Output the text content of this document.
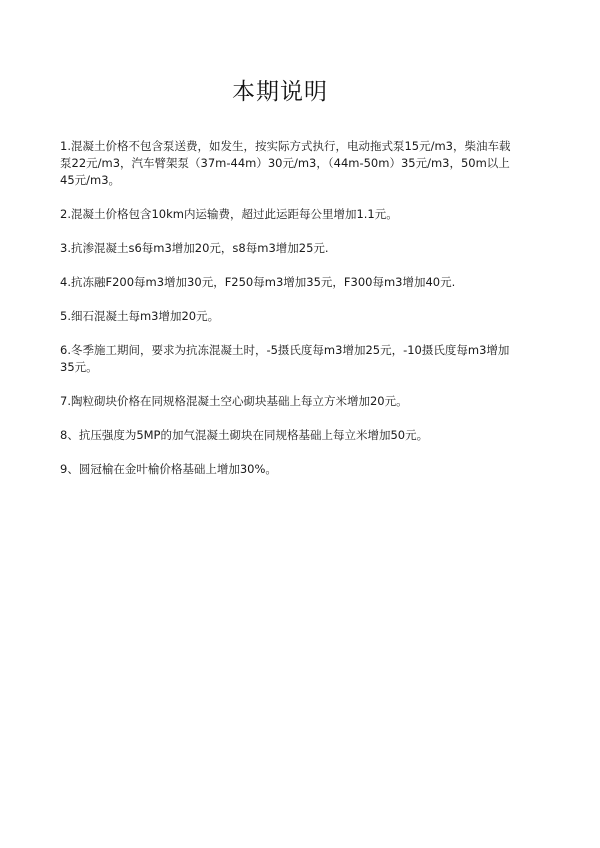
本期说明
1.混凝土价格不包含泵送费，如发生，按实际方式执行，电动拖式泵15元/m3，柴油车载泵22元/m3，汽车臂架泵（37m-44m）30元/m3，（44m-50m）35元/m3，50m以上45元/m3。
2.混凝土价格包含10km内运输费，超过此运距每公里增加1.1元。
3.抗渗混凝土s6每m3增加20元，s8每m3增加25元.
4.抗冻融F200每m3增加30元，F250每m3增加35元，F300每m3增加40元.
5.细石混凝土每m3增加20元。
6.冬季施工期间，要求为抗冻混凝土时，-5摄氏度每m3增加25元，-10摄氏度每m3增加35元。
7.陶粒砌块价格在同规格混凝土空心砌块基础上每立方米增加20元。
8、抗压强度为5MP的加气混凝土砌块在同规格基础上每立米增加50元。
9、圆冠榆在金叶榆价格基础上增加30%。
